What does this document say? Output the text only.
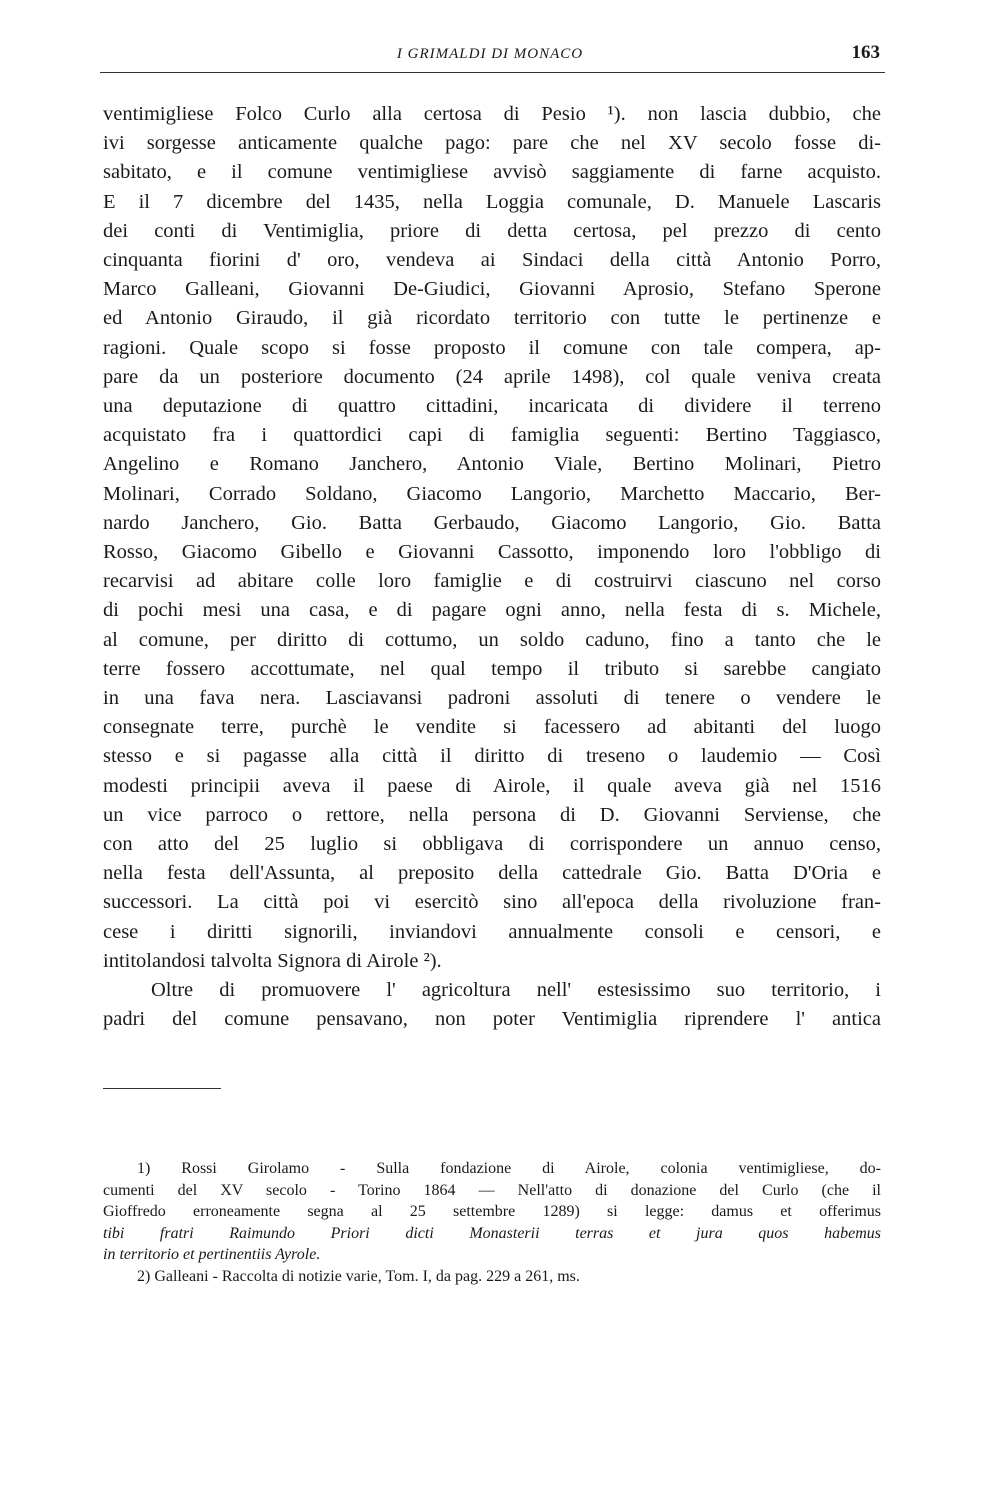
I GRIMALDI DI MONACO	163
ventimigliese Folco Curlo alla certosa di Pesio ¹). non lascia dubbio, che
ivi sorgesse anticamente qualche pago: pare che nel XV secolo fosse di-
sabitato, e il comune ventimigliese avvisò saggiamente di farne acquisto.
E il 7 dicembre del 1435, nella Loggia comunale, D. Manuele Lascaris
dei conti di Ventimiglia, priore di detta certosa, pel prezzo di cento
cinquanta fiorini d' oro, vendeva ai Sindaci della città Antonio Porro,
Marco Galleani, Giovanni De-Giudici, Giovanni Aprosio, Stefano Sperone
ed Antonio Giraudo, il già ricordato territorio con tutte le pertinenze e
ragioni. Quale scopo si fosse proposto il comune con tale compera, ap-
pare da un posteriore documento (24 aprile 1498), col quale veniva creata
una deputazione di quattro cittadini, incaricata di dividere il terreno
acquistato fra i quattordici capi di famiglia seguenti: Bertino Taggiasco,
Angelino e Romano Janchero, Antonio Viale, Bertino Molinari, Pietro
Molinari, Corrado Soldano, Giacomo Langorio, Marchetto Maccario, Ber-
nardo Janchero, Gio. Batta Gerbaudo, Giacomo Langorio, Gio. Batta
Rosso, Giacomo Gibello e Giovanni Cassotto, imponendo loro l'obbligo di
recarvisi ad abitare colle loro famiglie e di costruirvi ciascuno nel corso
di pochi mesi una casa, e di pagare ogni anno, nella festa di s. Michele,
al comune, per diritto di cottumo, un soldo caduno, fino a tanto che le
terre fossero accottumate, nel qual tempo il tributo si sarebbe cangiato
in una fava nera. Lasciavansi padroni assoluti di tenere o vendere le
consegnate terre, purchè le vendite si facessero ad abitanti del luogo
stesso e si pagasse alla città il diritto di treseno o laudemio — Così
modesti principii aveva il paese di Airole, il quale aveva già nel 1516
un vice parroco o rettore, nella persona di D. Giovanni Serviense, che
con atto del 25 luglio si obbligava di corrispondere un annuo censo,
nella festa dell'Assunta, al preposito della cattedrale Gio. Batta D'Oria e
successori. La città poi vi esercitò sino all'epoca della rivoluzione fran-
cese i diritti signorili, inviandovi annualmente consoli e censori, e
intitolandosi talvolta Signora di Airole ²).
Oltre di promuovere l' agricoltura nell' estesissimo suo territorio, i
padri del comune pensavano, non poter Ventimiglia riprendere l' antica
1) Rossi Girolamo - Sulla fondazione di Airole, colonia ventimigliese, do-
cumenti del XV secolo - Torino 1864 — Nell'atto di donazione del Curlo (che il
Gioffredo erroneamente segna al 25 settembre 1289) si legge: damus et offerimus
tibi fratri Raimundo Priori dicti Monasterii terras et jura quos habemus
in territorio et pertinentiis Ayrole.
2) Galleani - Raccolta di notizie varie, Tom. I, da pag. 229 a 261, ms.
